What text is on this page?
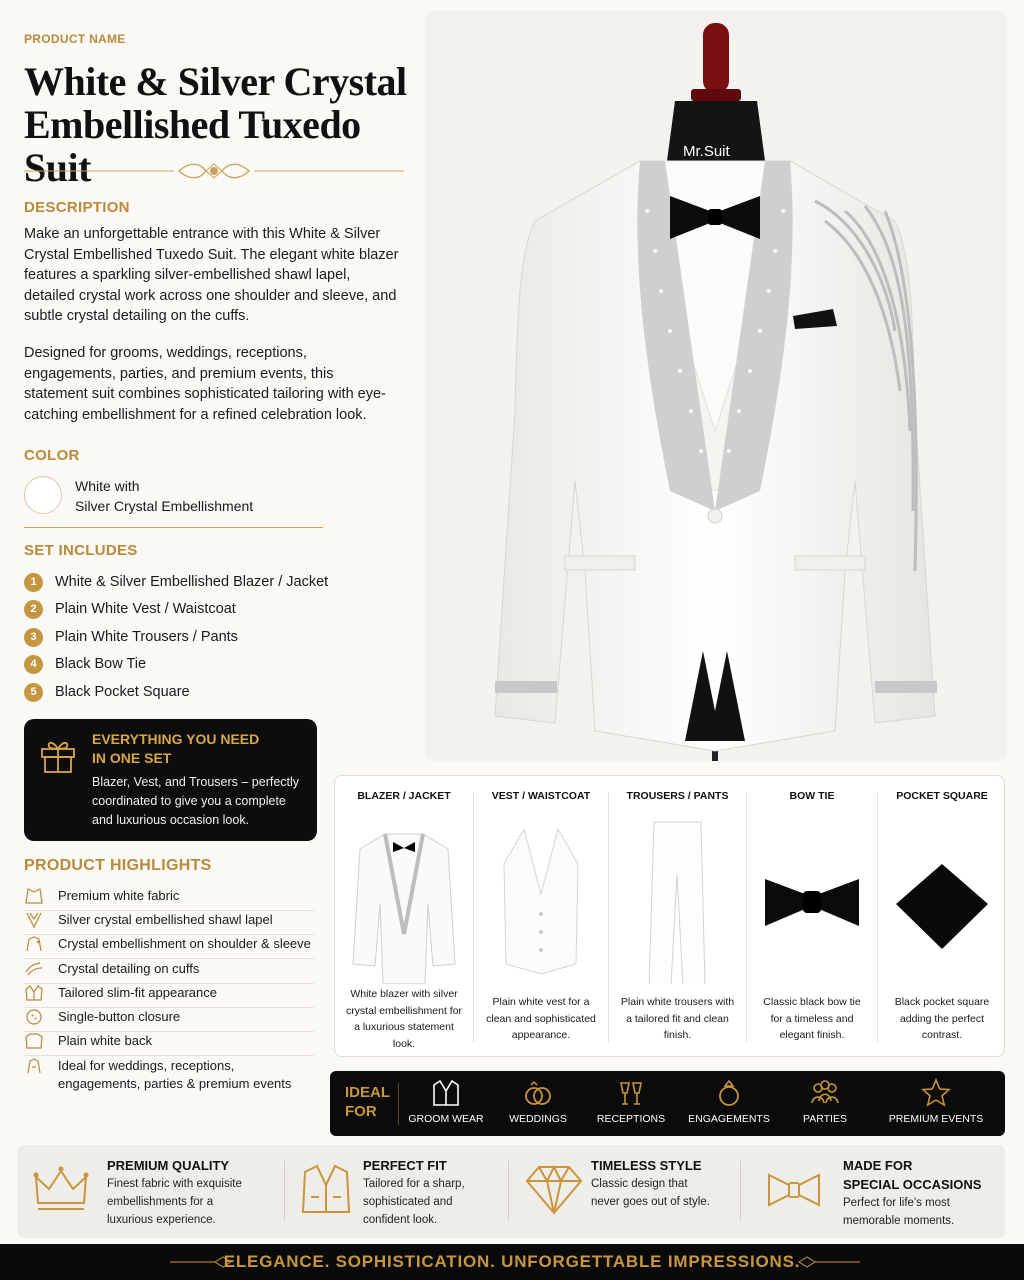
PRODUCT NAME
White & Silver Crystal
Embellished Tuxedo Suit
DESCRIPTION
Make an unforgettable entrance with this White & Silver Crystal Embellished Tuxedo Suit. The elegant white blazer features a sparkling silver-embellished shawl lapel, detailed crystal work across one shoulder and sleeve, and subtle crystal detailing on the cuffs.
Designed for grooms, weddings, receptions, engagements, parties, and premium events, this statement suit combines sophisticated tailoring with eye-catching embellishment for a refined celebration look.
COLOR
White with
Silver Crystal Embellishment
SET INCLUDES
1	White & Silver Embellished Blazer / Jacket
2	Plain White Vest / Waistcoat
3	Plain White Trousers / Pants
4	Black Bow Tie
5	Black Pocket Square
EVERYTHING YOU NEED
IN ONE SET
Blazer, Vest, and Trousers – perfectly coordinated to give you a complete and luxurious occasion look.
PRODUCT HIGHLIGHTS
Premium white fabric
Silver crystal embellished shawl lapel
Crystal embellishment on shoulder & sleeve
Crystal detailing on cuffs
Tailored slim-fit appearance
Single-button closure
Plain white back
Ideal for weddings, receptions, engagements, parties & premium events
Mr.Suit
BLAZER / JACKET
White blazer with silver crystal embellishment for a luxurious statement look.
VEST / WAISTCOAT
Plain white vest for a clean and sophisticated appearance.
TROUSERS / PANTS
Plain white trousers with a tailored fit and clean finish.
BOW TIE
Classic black bow tie for a timeless and elegant finish.
POCKET SQUARE
Black pocket square adding the perfect contrast.
IDEAL
FOR	GROOM WEAR	WEDDINGS	RECEPTIONS	ENGAGEMENTS	PARTIES	PREMIUM EVENTS
PREMIUM QUALITY
Finest fabric with exquisite embellishments for a luxurious experience.
PERFECT FIT
Tailored for a sharp, sophisticated and confident look.
TIMELESS STYLE
Classic design that never goes out of style.
MADE FOR
SPECIAL OCCASIONS
Perfect for life's most memorable moments.
ELEGANCE. SOPHISTICATION. UNFORGETTABLE IMPRESSIONS.
